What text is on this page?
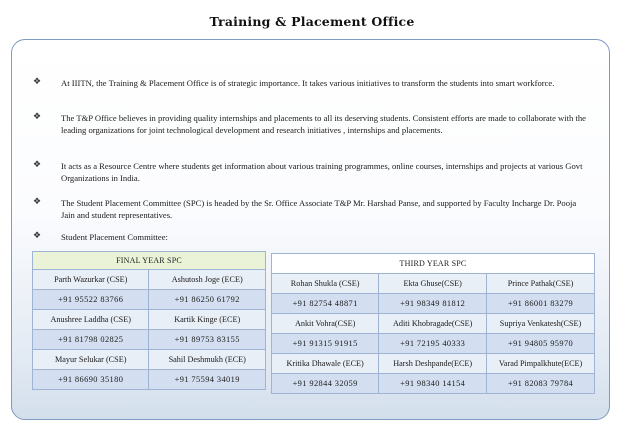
Training & Placement Office
❖ At IIITN, the Training & Placement Office is of strategic importance. It takes various initiatives to transform the students into smart workforce.
❖ The T&P Office believes in providing quality internships and placements to all its deserving students. Consistent efforts are made to collaborate with the leading organizations for joint technological development and research initiatives , internships and placements.
❖ It acts as a Resource Centre where students get information about various training programmes, online courses, internships and projects at various Govt Organizations in India.
❖ The Student Placement Committee (SPC) is headed by the Sr. Office Associate T&P Mr. Harshad Panse, and supported by Faculty Incharge Dr. Pooja Jain and student representatives.
❖ Student Placement Committee:
FINAL YEAR SPC	
Parth Wazurkar (CSE)	Ashutosh Joge (ECE)
+91 95522 83766	+91 86250 61792
Anushree Laddha (CSE)	Kartik Kinge (ECE)
+91 81798 02825	+91 89753 83155
Mayur Selukar (CSE)	Sahil Deshmukh (ECE)
+91 86690 35180	+91 75594 34019
THIRD YEAR SPC		
Rohan Shukla (CSE)	Ekta Ghuse(CSE)	Prince Pathak(CSE)
+91 82754 48871	+91 98349 81812	+91 86001 83279
Ankit Vohra(CSE)	Aditi Khobragade(CSE)	Supriya Venkatesh(CSE)
+91 91315 91915	+91 72195 40333	+91 94805 95970
Kritika Dhawale (ECE)	Harsh Deshpande(ECE)	Varad Pimpalkhute(ECE)
+91 92844 32059	+91 98340 14154	+91 82083 79784
